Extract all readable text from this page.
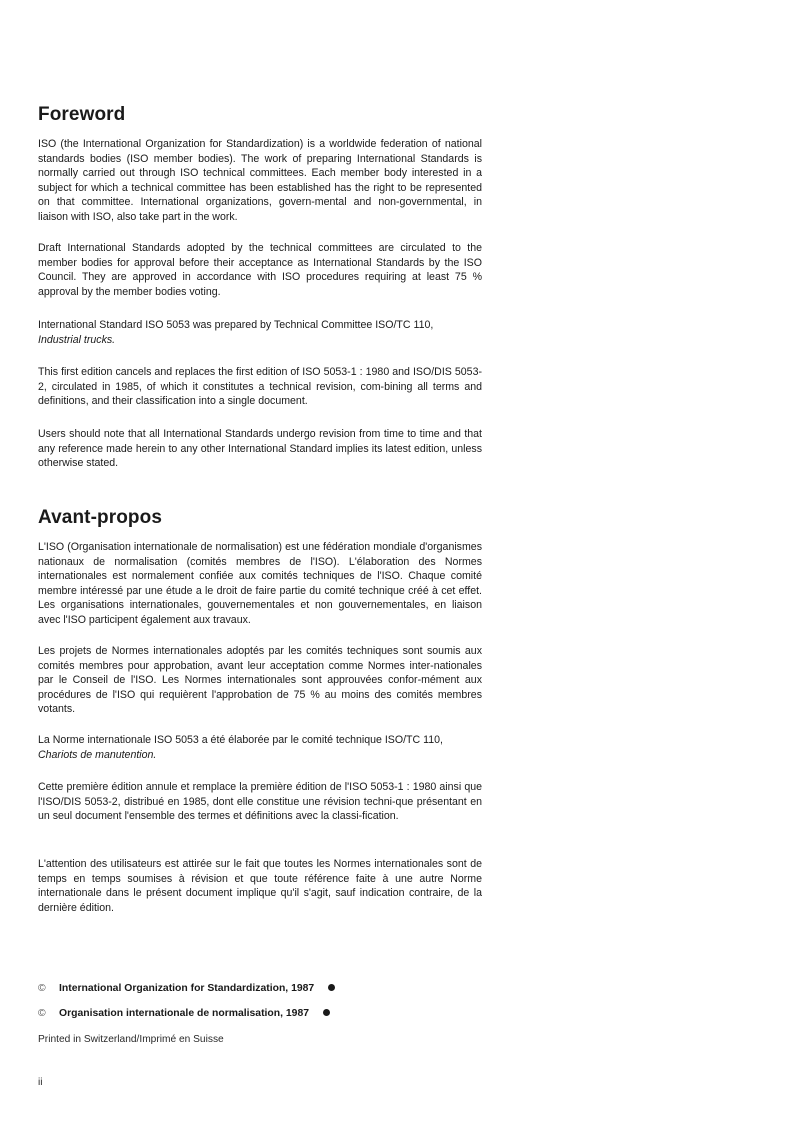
Foreword

ISO (the International Organization for Standardization) is a worldwide federation of national standards bodies (ISO member bodies). The work of preparing International Standards is normally carried out through ISO technical committees. Each member body interested in a subject for which a technical committee has been established has the right to be represented on that committee. International organizations, govern-mental and non-governmental, in liaison with ISO, also take part in the work.

Draft International Standards adopted by the technical committees are circulated to the member bodies for approval before their acceptance as International Standards by the ISO Council. They are approved in accordance with ISO procedures requiring at least 75 % approval by the member bodies voting.

International Standard ISO 5053 was prepared by Technical Committee ISO/TC 110,
Industrial trucks.

This first edition cancels and replaces the first edition of ISO 5053-1 : 1980 and ISO/DIS 5053-2, circulated in 1985, of which it constitutes a technical revision, com-bining all terms and definitions, and their classification into a single document.

Users should note that all International Standards undergo revision from time to time and that any reference made herein to any other International Standard implies its latest edition, unless otherwise stated.

Avant-propos

L'ISO (Organisation internationale de normalisation) est une fédération mondiale d'organismes nationaux de normalisation (comités membres de l'ISO). L'élaboration des Normes internationales est normalement confiée aux comités techniques de l'ISO. Chaque comité membre intéressé par une étude a le droit de faire partie du comité technique créé à cet effet. Les organisations internationales, gouvernementales et non gouvernementales, en liaison avec l'ISO participent également aux travaux.

Les projets de Normes internationales adoptés par les comités techniques sont soumis aux comités membres pour approbation, avant leur acceptation comme Normes inter-nationales par le Conseil de l'ISO. Les Normes internationales sont approuvées confor-mément aux procédures de l'ISO qui requièrent l'approbation de 75 % au moins des comités membres votants.

La Norme internationale ISO 5053 a été élaborée par le comité technique ISO/TC 110,
Chariots de manutention.

Cette première édition annule et remplace la première édition de l'ISO 5053-1 : 1980 ainsi que l'ISO/DIS 5053-2, distribué en 1985, dont elle constitue une révision techni-que présentant en un seul document l'ensemble des termes et définitions avec la classi-fication.

L'attention des utilisateurs est attirée sur le fait que toutes les Normes internationales sont de temps en temps soumises à révision et que toute référence faite à une autre Norme internationale dans le présent document implique qu'il s'agit, sauf indication contraire, de la dernière édition.

© International Organization for Standardization, 1987
© Organisation internationale de normalisation, 1987
Printed in Switzerland/Imprimé en Suisse
ii
